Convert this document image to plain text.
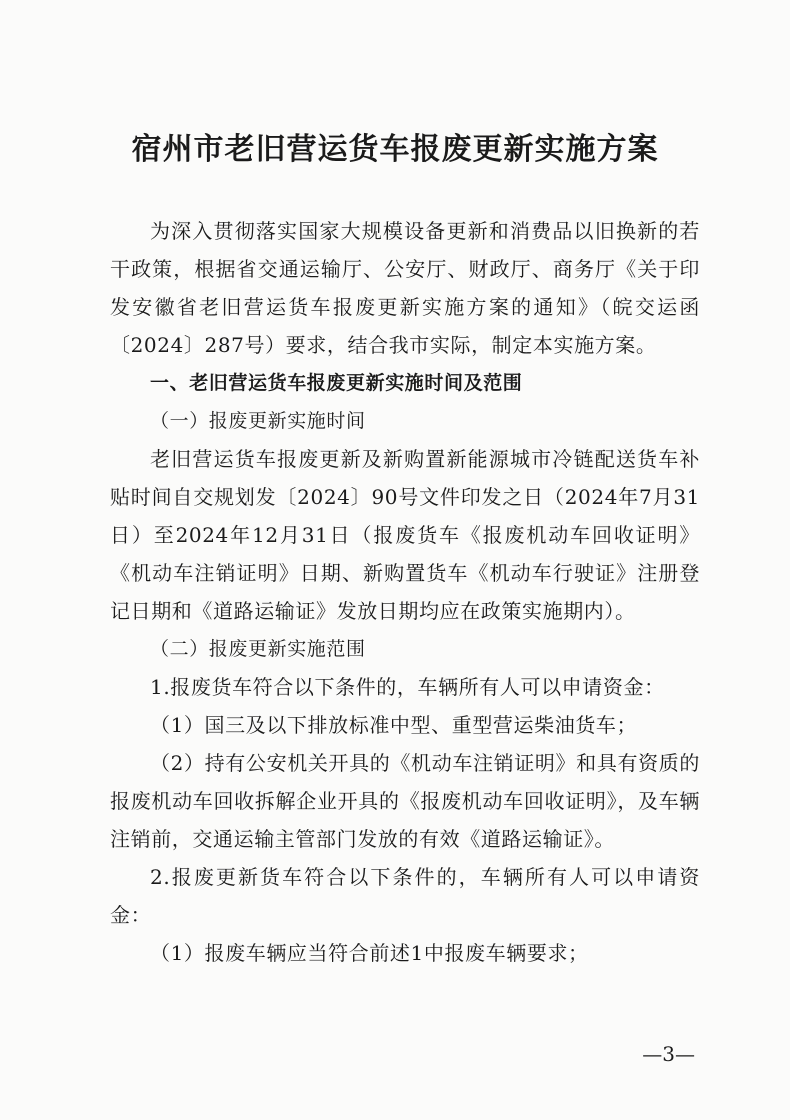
宿州市老旧营运货车报废更新实施方案

为深入贯彻落实国家大规模设备更新和消费品以旧换新的若干政策，根据省交通运输厅、公安厅、财政厅、商务厅《关于印发安徽省老旧营运货车报废更新实施方案的通知》（皖交运函〔2024〕287号）要求，结合我市实际，制定本实施方案。

一、老旧营运货车报废更新实施时间及范围

（一）报废更新实施时间

老旧营运货车报废更新及新购置新能源城市冷链配送货车补贴时间自交规划发〔2024〕90号文件印发之日（2024年7月31日）至2024年12月31日（报废货车《报废机动车回收证明》《机动车注销证明》日期、新购置货车《机动车行驶证》注册登记日期和《道路运输证》发放日期均应在政策实施期内）。

（二）报废更新实施范围

1.报废货车符合以下条件的，车辆所有人可以申请资金：

（1）国三及以下排放标准中型、重型营运柴油货车；

（2）持有公安机关开具的《机动车注销证明》和具有资质的报废机动车回收拆解企业开具的《报废机动车回收证明》，及车辆注销前，交通运输主管部门发放的有效《道路运输证》。

2.报废更新货车符合以下条件的，车辆所有人可以申请资金：

（1）报废车辆应当符合前述1中报废车辆要求；

—3—
